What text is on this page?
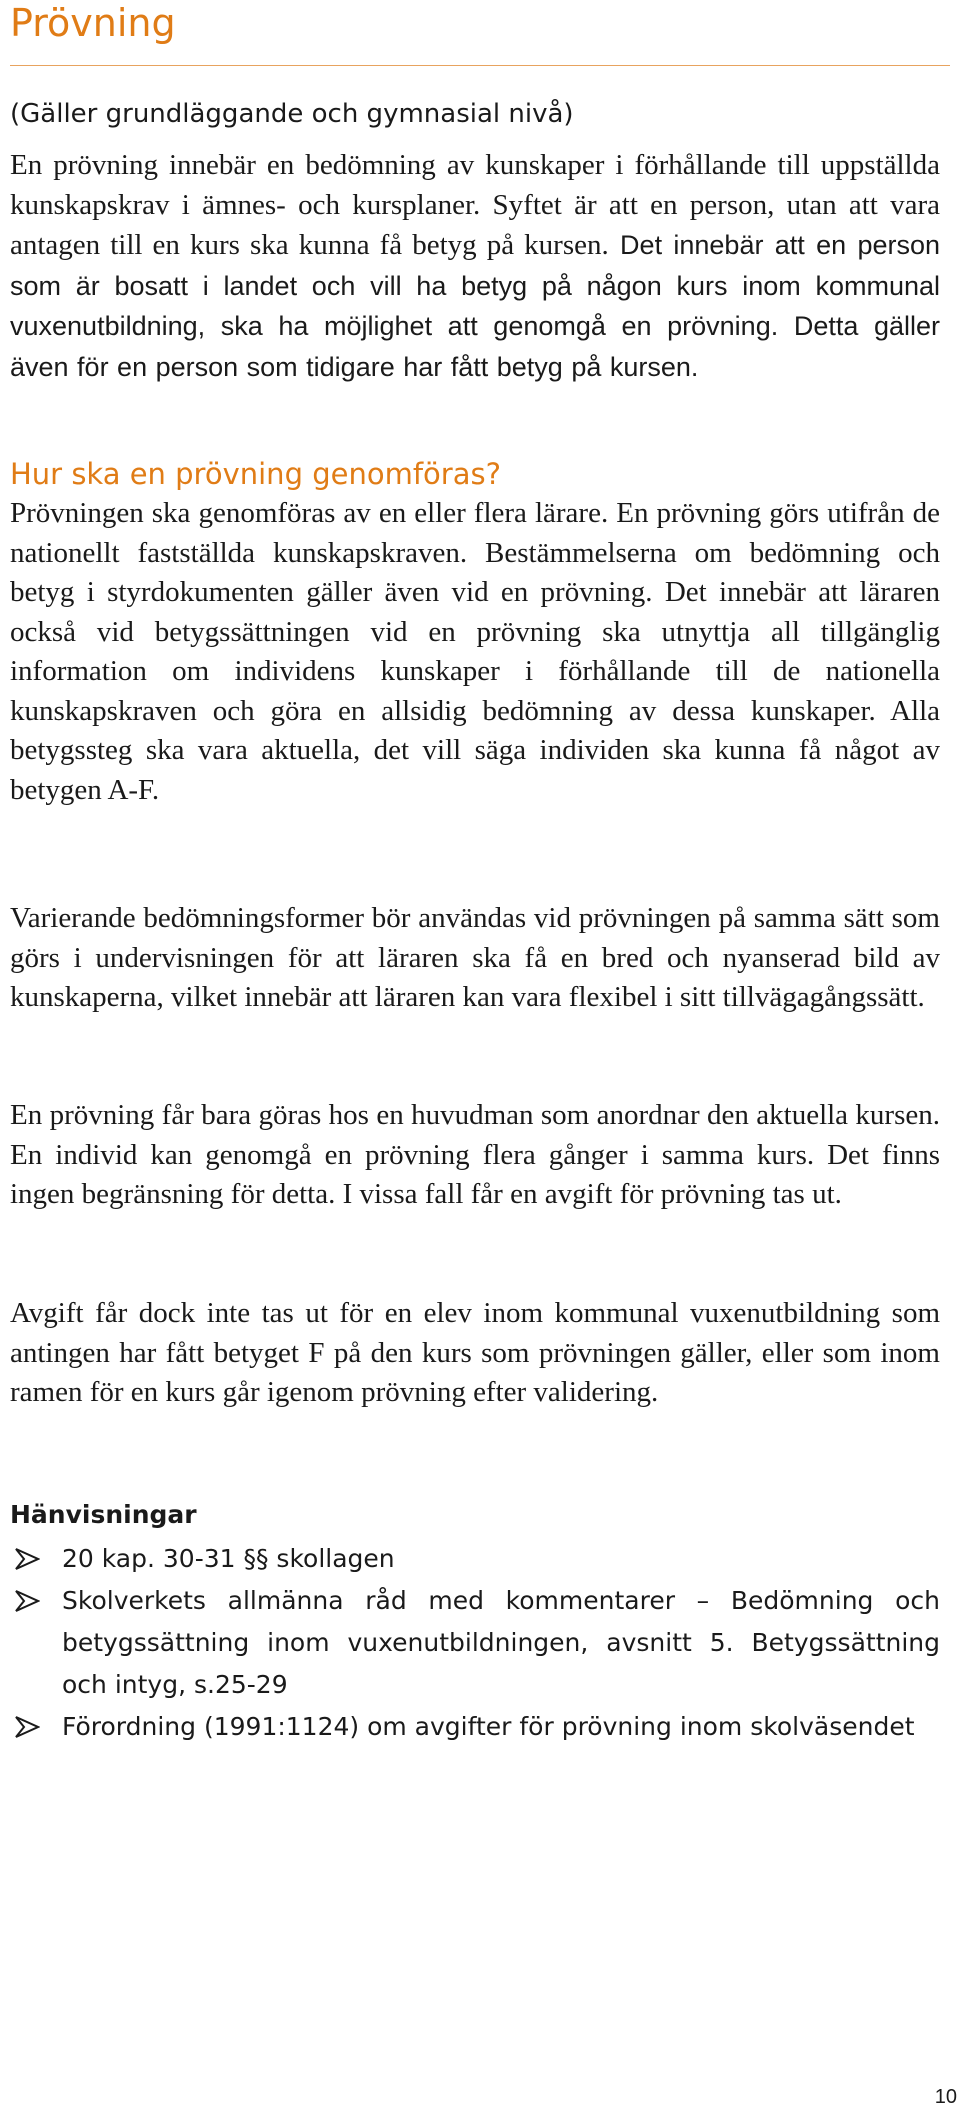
Prövning

(Gäller grundläggande och gymnasial nivå)

En prövning innebär en bedömning av kunskaper i förhållande till uppställda kunskapskrav i ämnes- och kursplaner. Syftet är att en person, utan att vara antagen till en kurs ska kunna få betyg på kursen. Det innebär att en person som är bosatt i landet och vill ha betyg på någon kurs inom kommunal vuxenutbildning, ska ha möjlighet att genomgå en prövning. Detta gäller även för en person som tidigare har fått betyg på kursen.

Hur ska en prövning genomföras?

Prövningen ska genomföras av en eller flera lärare. En prövning görs utifrån de nationellt fastställda kunskapskraven. Bestämmelserna om bedömning och betyg i styrdokumenten gäller även vid en prövning. Det innebär att läraren också vid betygssättningen vid en prövning ska utnyttja all tillgänglig information om individens kunskaper i förhållande till de nationella kunskapskraven och göra en allsidig bedömning av dessa kunskaper. Alla betygssteg ska vara aktuella, det vill säga individen ska kunna få något av betygen A-F.

Varierande bedömningsformer bör användas vid prövningen på samma sätt som görs i undervisningen för att läraren ska få en bred och nyanserad bild av kunskaperna, vilket innebär att läraren kan vara flexibel i sitt tillvägagångssätt.

En prövning får bara göras hos en huvudman som anordnar den aktuella kursen. En individ kan genomgå en prövning flera gånger i samma kurs. Det finns ingen begränsning för detta. I vissa fall får en avgift för prövning tas ut.

Avgift får dock inte tas ut för en elev inom kommunal vuxenutbildning som antingen har fått betyget F på den kurs som prövningen gäller, eller som inom ramen för en kurs går igenom prövning efter validering.

Hänvisningar
20 kap. 30-31 §§ skollagen
Skolverkets allmänna råd med kommentarer – Bedömning och betygssättning inom vuxenutbildningen, avsnitt 5. Betygssättning och intyg, s.25-29
Förordning (1991:1124) om avgifter för prövning inom skolväsendet
10
